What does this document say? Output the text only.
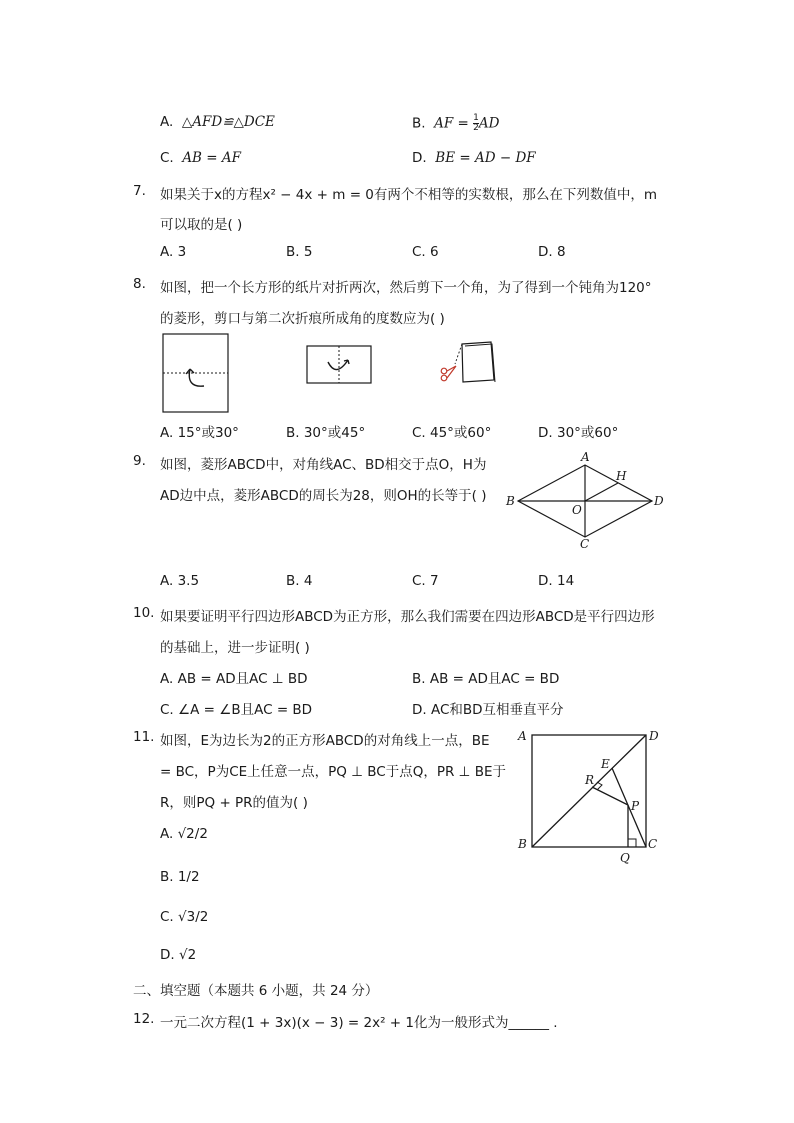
A.  △AFD≌△DCE	B.  AF = $\frac{1}{2}$ AD
C.  AB = AF	D.  BE = AD − DF
7. 如果关于x的方程x² − 4x + m = 0有两个不相等的实数根，那么在下列数值中，m
可以取的是( )
A. 3	B. 5	C. 6	D. 8
8. 如图，把一个长方形的纸片对折两次，然后剪下一个角，为了得到一个钝角为120°
的菱形，剪口与第二次折痕所成角的度数应为( )
A. 15°或30°	B. 30°或45°	C. 45°或60°	D. 30°或60°
9. 如图，菱形ABCD中，对角线AC、BD相交于点O，H为
AD边中点，菱形ABCD的周长为28，则OH的长等于( )
A
B
C
D
O
H
A. 3.5	B. 4	C. 7	D. 14
10. 如果要证明平行四边形ABCD为正方形，那么我们需要在四边形ABCD是平行四边形
的基础上，进一步证明( )
A. AB = AD且AC ⊥ BD	B. AB = AD且AC = BD
C. ∠A = ∠B且AC = BD	D. AC和BD互相垂直平分
11. 如图，E为边长为2的正方形ABCD的对角线上一点，BE
= BC，P为CE上任意一点，PQ ⊥ BC于点Q，PR ⊥ BE于
R，则PQ + PR的值为( )
A	D
B	C
E
R
P
Q
A. √2/2
B. 1/2
C. √3/2
D. √2
二、填空题（本题共 6 小题，共 24 分）
12. 一元二次方程(1 + 3x)(x − 3) = 2x² + 1化为一般形式为______ .
